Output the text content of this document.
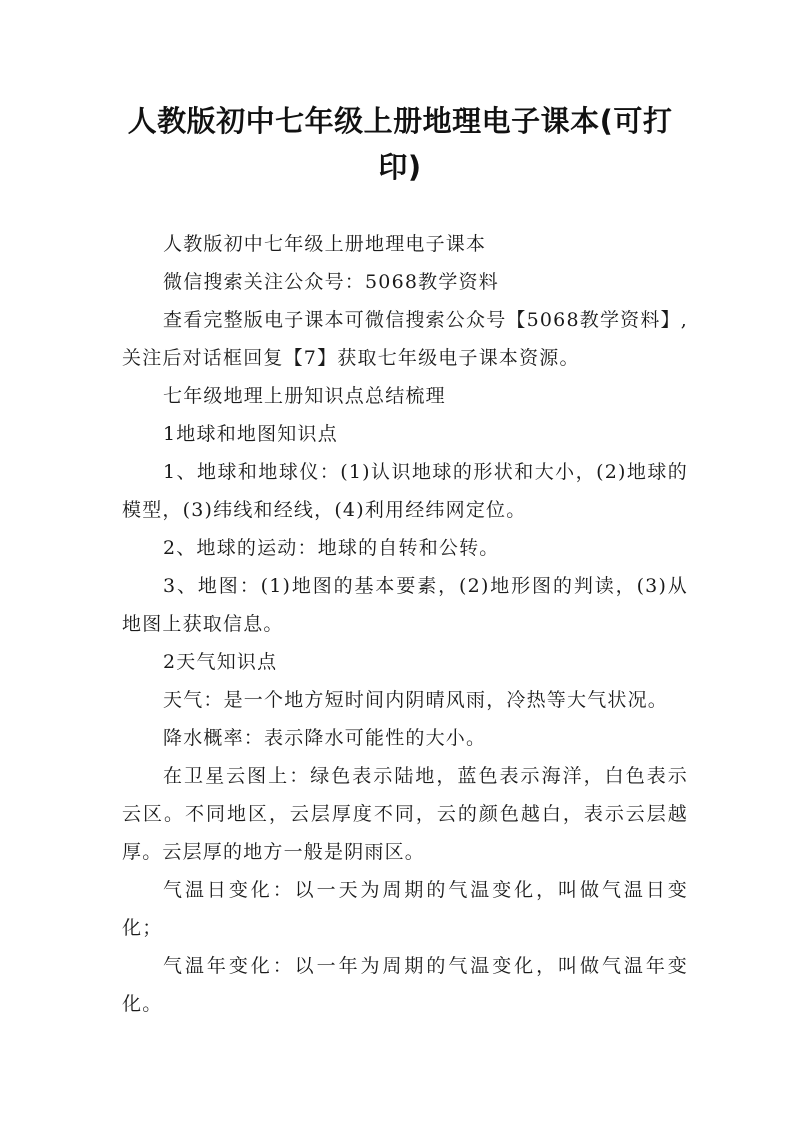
人教版初中七年级上册地理电子课本(可打印)

人教版初中七年级上册地理电子课本

微信搜索关注公众号：5068教学资料

查看完整版电子课本可微信搜索公众号【5068教学资料】,关注后对话框回复【7】获取七年级电子课本资源。

七年级地理上册知识点总结梳理

1地球和地图知识点

1、地球和地球仪：(1)认识地球的形状和大小，(2)地球的模型，(3)纬线和经线，(4)利用经纬网定位。

2、地球的运动：地球的自转和公转。

3、地图：(1)地图的基本要素，(2)地形图的判读，(3)从地图上获取信息。

2天气知识点

天气：是一个地方短时间内阴晴风雨，冷热等大气状况。

降水概率：表示降水可能性的大小。

在卫星云图上：绿色表示陆地，蓝色表示海洋，白色表示云区。不同地区，云层厚度不同，云的颜色越白，表示云层越厚。云层厚的地方一般是阴雨区。

气温日变化：以一天为周期的气温变化，叫做气温日变化；

气温年变化：以一年为周期的气温变化，叫做气温年变化。
